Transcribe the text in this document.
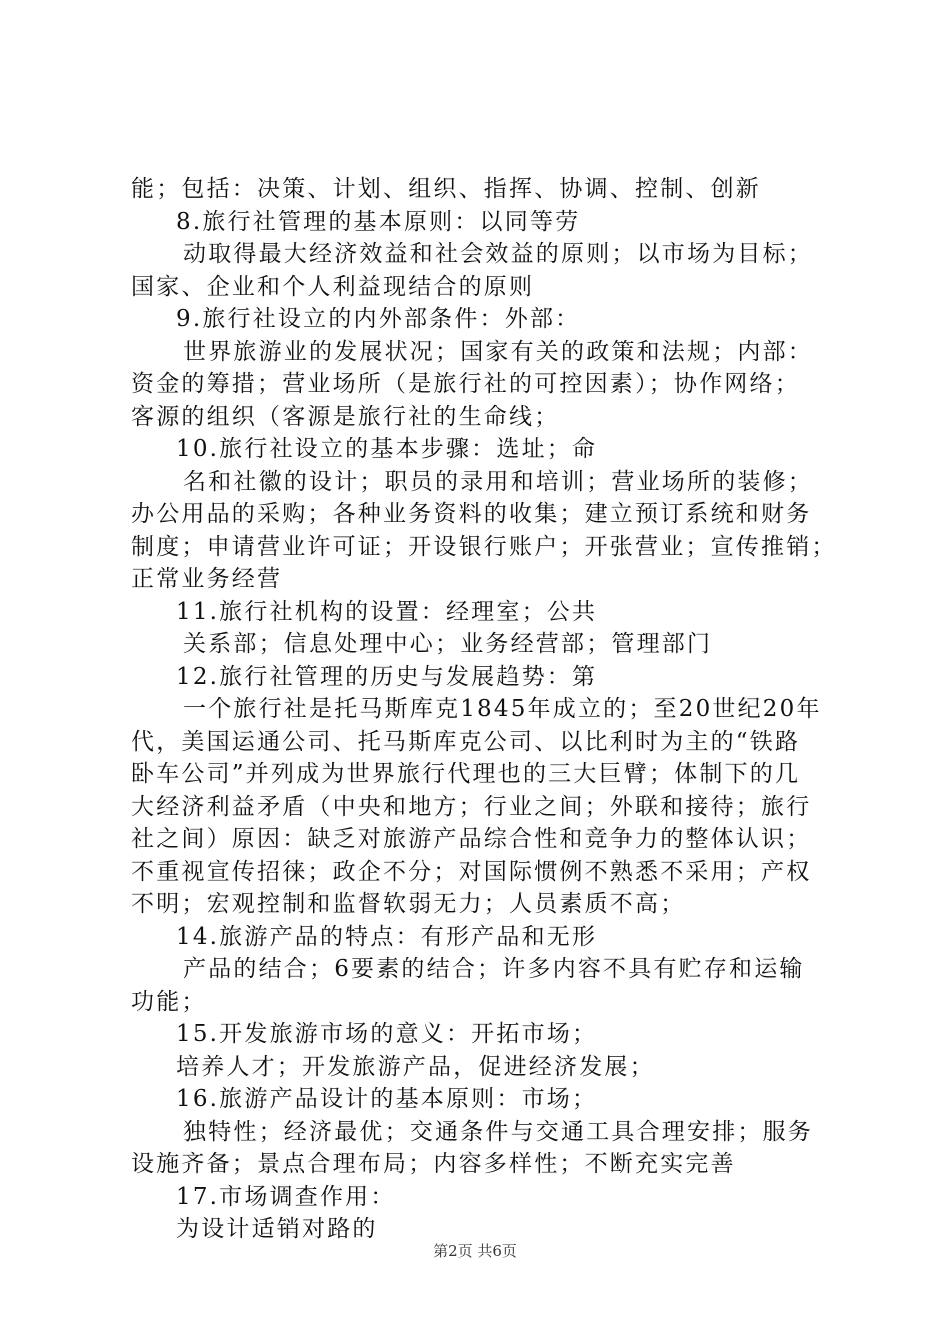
能；包括：决策、计划、组织、指挥、协调、控制、创新
8.旅行社管理的基本原则：以同等劳
动取得最大经济效益和社会效益的原则；以市场为目标；
国家、企业和个人利益现结合的原则
9.旅行社设立的内外部条件：外部：
世界旅游业的发展状况；国家有关的政策和法规；内部：
资金的筹措；营业场所（是旅行社的可控因素）；协作网络；
客源的组织（客源是旅行社的生命线；
10.旅行社设立的基本步骤：选址；命
名和社徽的设计；职员的录用和培训；营业场所的装修；
办公用品的采购；各种业务资料的收集；建立预订系统和财务
制度；申请营业许可证；开设银行账户；开张营业；宣传推销；
正常业务经营
11.旅行社机构的设置：经理室；公共
关系部；信息处理中心；业务经营部；管理部门
12.旅行社管理的历史与发展趋势：第
一个旅行社是托马斯库克1845年成立的；至20世纪20年
代，美国运通公司、托马斯库克公司、以比利时为主的“铁路
卧车公司”并列成为世界旅行代理也的三大巨臂；体制下的几
大经济利益矛盾（中央和地方；行业之间；外联和接待；旅行
社之间）原因：缺乏对旅游产品综合性和竞争力的整体认识；
不重视宣传招徕；政企不分；对国际惯例不熟悉不采用；产权
不明；宏观控制和监督软弱无力；人员素质不高；
14.旅游产品的特点：有形产品和无形
产品的结合；6要素的结合；许多内容不具有贮存和运输
功能；
15.开发旅游市场的意义：开拓市场；
培养人才；开发旅游产品，促进经济发展；
16.旅游产品设计的基本原则：市场；
独特性；经济最优；交通条件与交通工具合理安排；服务
设施齐备；景点合理布局；内容多样性；不断充实完善
17.市场调查作用：
为设计适销对路的
第2页 共6页
